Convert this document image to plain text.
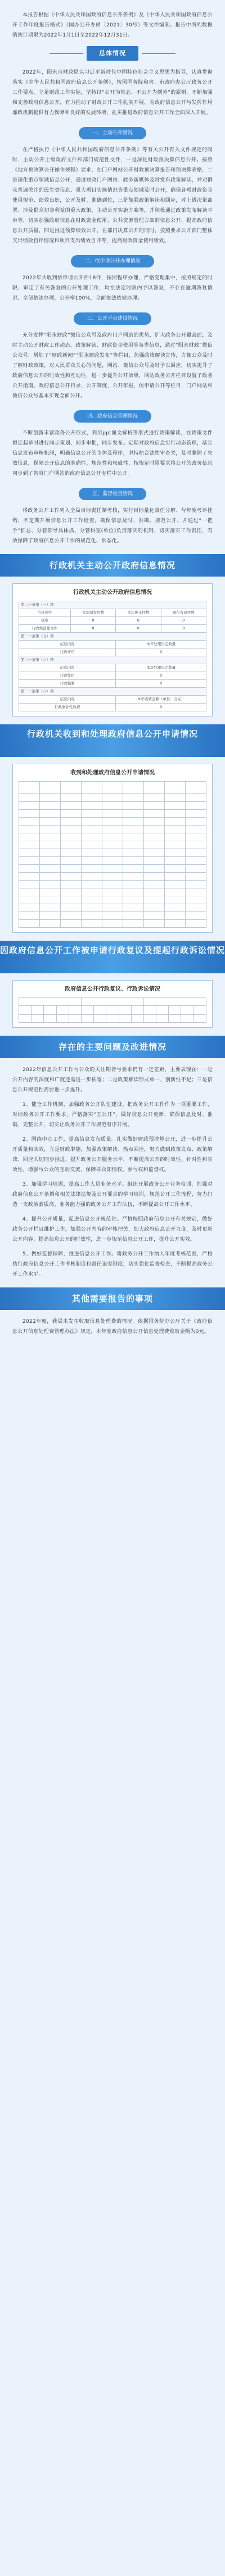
本报告根据《中华人民共和国政府信息公开条例》及《中华人民共和国政府信息公开工作年度报告格式》（国办公开办函〔2021〕30号）等文件编制。报告中所列数据的统计期限为2022年1月1日至2022年12月31日。

总体情况

2022年，阳永市财政局以习近平新时代中国特色社会主义思想为指导，认真贯彻落实《中华人民共和国政府信息公开条例》，按照国务院和省、市政府办公厅政务公开工作要点，立足财政工作实际，坚持以“公开为常态、不公开为例外”的原则，不断加强和完善政府信息公开，有力推动了财政公开工作扎实开展，为政府信息公开与发挥作用廉政机制提供有力保障和良好的发展环境，扎实推进政府信息公开工作全面深入开展。

一、主动公开情况

在严格执行《中华人民共和国政府信息公开条例》等有关公开有关文件规定的同时，主动公开上级政府文件和部门规范性文件，一是深化财政预决算信息公开。按照《地方预决算公开操作规程》要求，在门户网站公开财政预决算报告和预决算表格，二是深化重点领域信息公开，通过财政门户网站、政务新媒体及时发布政策解读，并对群众普遍关注的民生类信息、重大项目实施情况等重点领域及时公开，确保各项财政资金使用规范、绩效良好，公开及时、准确到位，三是加强政策解读和回应，对上级决策部署、涉及群众切身利益的重大政策，主动公开实施方案等，并积极通过政策发布解读平台等，切实加强政府信息在财政资金使用、公共资源管理方面的信息公开，提高政府信息公开质量，四是推进预算绩效公开，在部门决算公开的同时，按照要求公开部门整体支出绩效自评情况和项目支出绩效自评等，提高财政资金使用绩效。

二、依申请公开办理情况

2022年共收到依申请公开件18件，按照程序办理，严格受理集中，按照规定的时限、审定了有关答复的公开处理工作，均在法定时限内予以答复，不存在逾期答复情况。全部依法办理，公开率100%，全面依法依规办理。

三、公开平台建设情况

充分发挥“阳永财政”微信公众号及政府门户网站的优势，扩大政务公开覆盖面，及时主动公开财政工作动态、政策解读、财政资金使用等各类信息，通过“阳永财政”微信公众号，增加了“财政新闻”“阳永财政发布”等栏目，加强政策解读宣传，方便公众及时了解财政政策，对人民群众关心的问题，网站、微信公众号及时予以回应，切实提升了政府信息公开的时效性和互动性，进一步提升公开效果，网站政务公开栏目设置了政务公开指南、政府信息公开目录、公开制度、公开年报、依申请公开等栏目，门户网站和微信公众号基本实现全面公开。

四、政府信息管理情况

不断创新丰富政务公开形式，利用ppt图文解析等形式进行政策解读，在政策文件拟定起草时进行同步策划、同步审批，同步发布。定期对政府信息实行动态管理，落实信息发布审核机制，明确信息公开的主体及程序，坚持把合法性审查关，及时删除了失效信息，保障公开信息的准确性、规范性和权威性，按规定时限要求将公开的政务信息同步到了省府门户网站的政府信息公开专栏中公开。

五、监督检查情况

将政务公开工作列入全局目标责任制考核，实行目标量化责任分解、与年度考评挂钩，不定期开展信息公开工作检查，确保信息及时、准确、规范公开，并通过“一把手”抓总、分管领导具体抓、分管科室(单位)负责落实的机制，切实落实工作责任，有效保障了政府信息公开工作的规范化、常态化。

行政机关主动公开政府信息情况
行政机关主动公开政府信息情况
第二十条第（一）项			
信息内容	本年制发件数	本年废止件数	现行有效件数
规章	0	0	0
行政规范性文件	0	0	0
第二十条第（五）项			
信息内容		本年处理决定数量	
行政许可		0	
第二十条第（六）项			
信息内容		本年处理决定数量	
行政处罚		0	
行政强制		0	
第二十条第（八）项			
信息内容		本年收费金额（单位：万元）	
行政事业性收费		0	
行政机关收到和处理政府信息公开申请情况
收到和处理政府信息公开申请情况

因政府信息公开工作被申请行政复议及提起行政诉讼情况
政府信息公开行政复议、行政诉讼情况

存在的主要问题及改进情况

2022年信息公开工作与公众的关注期待与要求仍有一定差距，主要表现在：一是公开内容的深度和广度还需进一步拓宽；二是政策解读形式单一，创新性不足；三是信息公开规范性需要进一步提升。

1、健全工作机制，加强政务公开队伍建设。把政务公开工作作为一项重要工作，对标政务公开工作要求，严格落实“五公开”，做好信息公开更新，确保信息及时、准确、完整公开，切实让政务公开工作规范有序开展。

2、围绕中心工作，提高信息发布质量。扎实做好财政预决算公开，进一步提升公开质量和实效，立足财政职能，加强政策解读、热点回应，努力做到政策发布、政策解读、回应关切同步推进，提升政务公开服务水平，不断提高公开的时效性、针对性和实效性，增强与公众的互动交流，保障群众知情权、参与权和监督权。

3、加强学习培训，提高工作人员业务水平。组织开展政务公开业务培训，加强对政府信息公开条例和相关法律法规及公开要求的学习培训，规范公开工作流程，努力打造一支政治素质高、业务能力强的政务公开工作队伍，不断提高公开工作水平。

4、提升公开质量，促进信息公开规范化。严格按照政府信息公开有关规定，做好政务公开栏目维护工作，加强公开内容的审核把关，加大政府信息公开力度，及时更新公开内容，提高信息公开的时效性，进一步规范信息公开工作，提升公开实效。

5、做好监督保障，推进信息公开工作。将政务公开工作纳入年度考核范围，严格执行政府信息公开工作考核制度和责任追究制度，切实强化监督检查，不断提高政务公开工作水平。

其他需要报告的事项

2022年度，我局未发生收取信息处理费的情况。依据国务院办公厅关于《政府信息公开信息处理费管理办法》规定，本年度政府信息公开信息处理费收取金额为0元。
